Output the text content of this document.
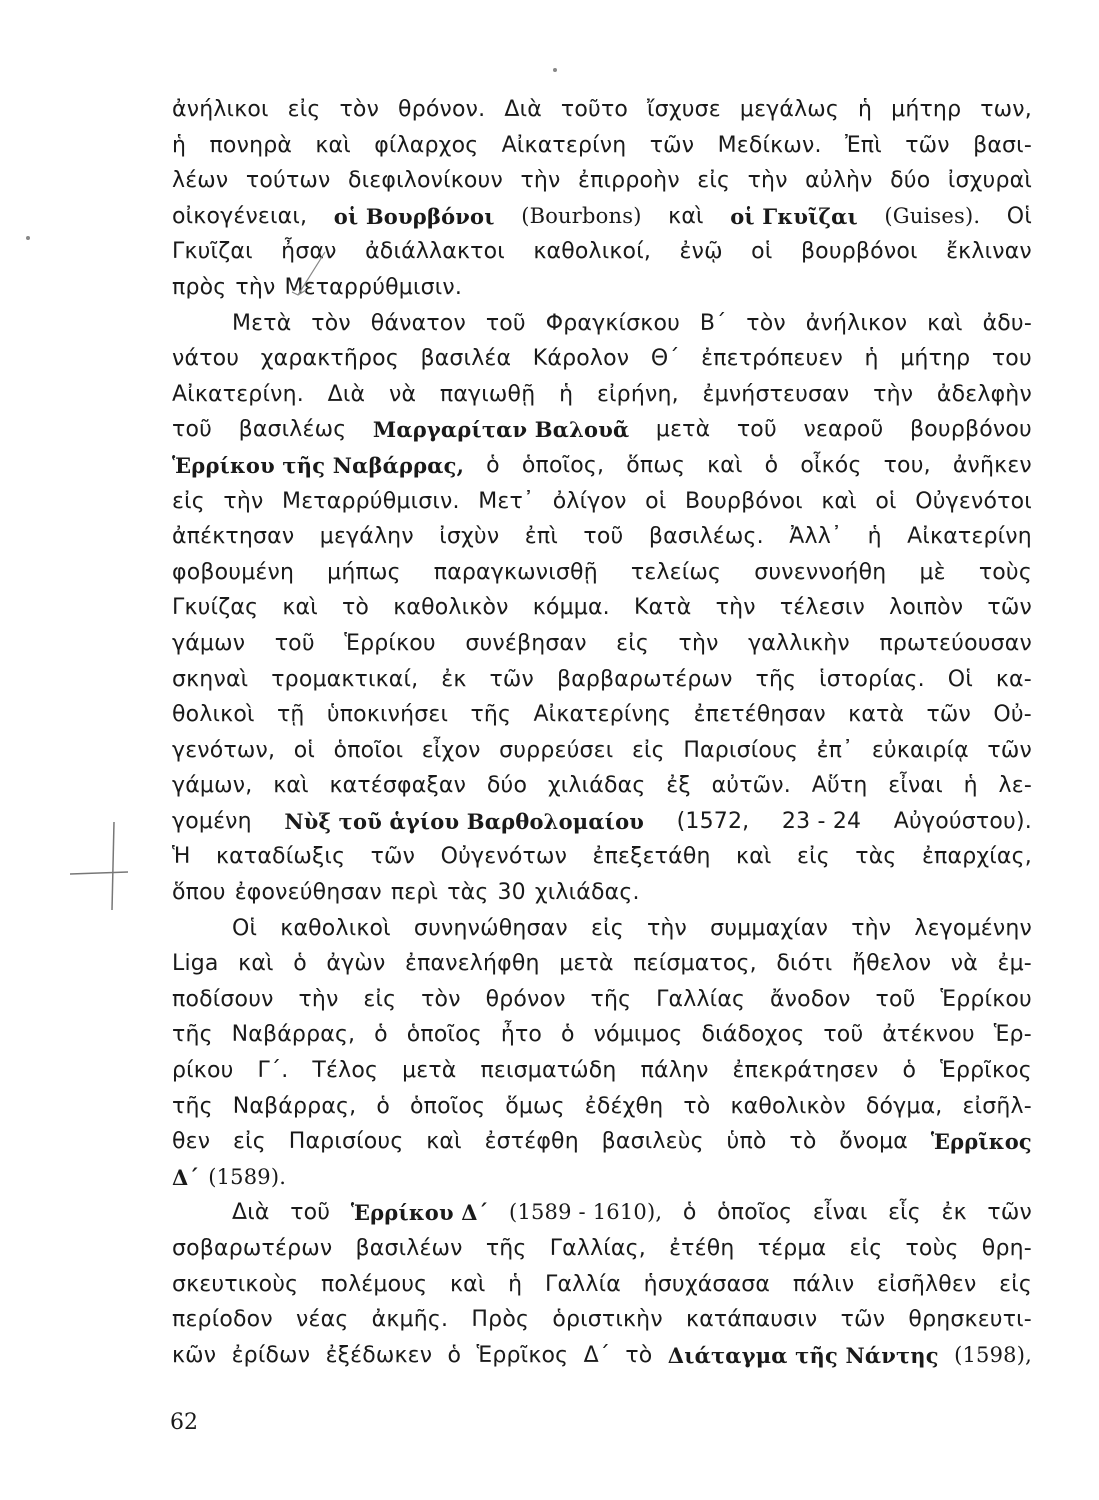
ἀνήλικοι εἰς τὸν θρόνον. Διὰ τοῦτο ἴσχυσε μεγάλως ἡ μήτηρ των,
ἡ πονηρὰ καὶ φίλαρχος Αἰκατερίνη τῶν Μεδίκων. Ἐπὶ τῶν βασι-
λέων τούτων διεφιλονίκουν τὴν ἐπιρροὴν εἰς τὴν αὐλὴν δύο ἰσχυραὶ
οἰκογένειαι, οἱ Βουρβόνοι (Bourbons) καὶ οἱ Γκυῖζαι (Guises). Οἱ
Γκυῖζαι ἦσαν ἀδιάλλακτοι καθολικοί, ἐνῷ οἱ βουρβόνοι ἔκλιναν
πρὸς τὴν Μεταρρύθμισιν.
Μετὰ τὸν θάνατον τοῦ Φραγκίσκου Β΄ τὸν ἀνήλικον καὶ ἀδυ-
νάτου χαρακτῆρος βασιλέα Κάρολον Θ΄ ἐπετρόπευεν ἡ μήτηρ του
Αἰκατερίνη. Διὰ νὰ παγιωθῇ ἡ εἰρήνη, ἐμνήστευσαν τὴν ἀδελφὴν
τοῦ βασιλέως Μαργαρίταν Βαλουᾶ μετὰ τοῦ νεαροῦ βουρβόνου
Ἑρρίκου τῆς Ναβάρρας, ὁ ὁποῖος, ὅπως καὶ ὁ οἶκός του, ἀνῆκεν
εἰς τὴν Μεταρρύθμισιν. Μετ᾽ ὀλίγον οἱ Βουρβόνοι καὶ οἱ Οὐγενότοι
ἀπέκτησαν μεγάλην ἰσχὺν ἐπὶ τοῦ βασιλέως. Ἀλλ᾽ ἡ Αἰκατερίνη
φοβουμένη μήπως παραγκωνισθῇ τελείως συνεννοήθη μὲ τοὺς
Γκυίζας καὶ τὸ καθολικὸν κόμμα. Κατὰ τὴν τέλεσιν λοιπὸν τῶν
γάμων τοῦ Ἑρρίκου συνέβησαν εἰς τὴν γαλλικὴν πρωτεύουσαν
σκηναὶ τρομακτικαί, ἐκ τῶν βαρβαρωτέρων τῆς ἱστορίας. Οἱ κα-
θολικοὶ τῇ ὑποκινήσει τῆς Αἰκατερίνης ἐπετέθησαν κατὰ τῶν Οὐ-
γενότων, οἱ ὁποῖοι εἶχον συρρεύσει εἰς Παρισίους ἐπ᾽ εὐκαιρίᾳ τῶν
γάμων, καὶ κατέσφαξαν δύο χιλιάδας ἐξ αὐτῶν. Αὕτη εἶναι ἡ λε-
γομένη Νὺξ τοῦ ἁγίου Βαρθολομαίου (1572, 23 - 24 Αὐγούστου).
Ἡ καταδίωξις τῶν Οὐγενότων ἐπεξετάθη καὶ εἰς τὰς ἐπαρχίας,
ὅπου ἐφονεύθησαν περὶ τὰς 30 χιλιάδας.
Οἱ καθολικοὶ συνηνώθησαν εἰς τὴν συμμαχίαν τὴν λεγομένην
Liga καὶ ὁ ἀγὼν ἐπανελήφθη μετὰ πείσματος, διότι ἤθελον νὰ ἐμ-
ποδίσουν τὴν εἰς τὸν θρόνον τῆς Γαλλίας ἄνοδον τοῦ Ἑρρίκου
τῆς Ναβάρρας, ὁ ὁποῖος ἦτο ὁ νόμιμος διάδοχος τοῦ ἀτέκνου Ἑρ-
ρίκου Γ΄. Τέλος μετὰ πεισματώδη πάλην ἐπεκράτησεν ὁ Ἑρρῖκος
τῆς Ναβάρρας, ὁ ὁποῖος ὅμως ἐδέχθη τὸ καθολικὸν δόγμα, εἰσῆλ-
θεν εἰς Παρισίους καὶ ἐστέφθη βασιλεὺς ὑπὸ τὸ ὄνομα Ἑρρῖκος
Δ΄ (1589).
Διὰ τοῦ Ἑρρίκου Δ΄ (1589 - 1610), ὁ ὁποῖος εἶναι εἷς ἐκ τῶν
σοβαρωτέρων βασιλέων τῆς Γαλλίας, ἐτέθη τέρμα εἰς τοὺς θρη-
σκευτικοὺς πολέμους καὶ ἡ Γαλλία ἡσυχάσασα πάλιν εἰσῆλθεν εἰς
περίοδον νέας ἀκμῆς. Πρὸς ὁριστικὴν κατάπαυσιν τῶν θρησκευτι-
κῶν ἐρίδων ἐξέδωκεν ὁ Ἑρρῖκος Δ΄ τὸ Διάταγμα τῆς Νάντης (1598),
62
